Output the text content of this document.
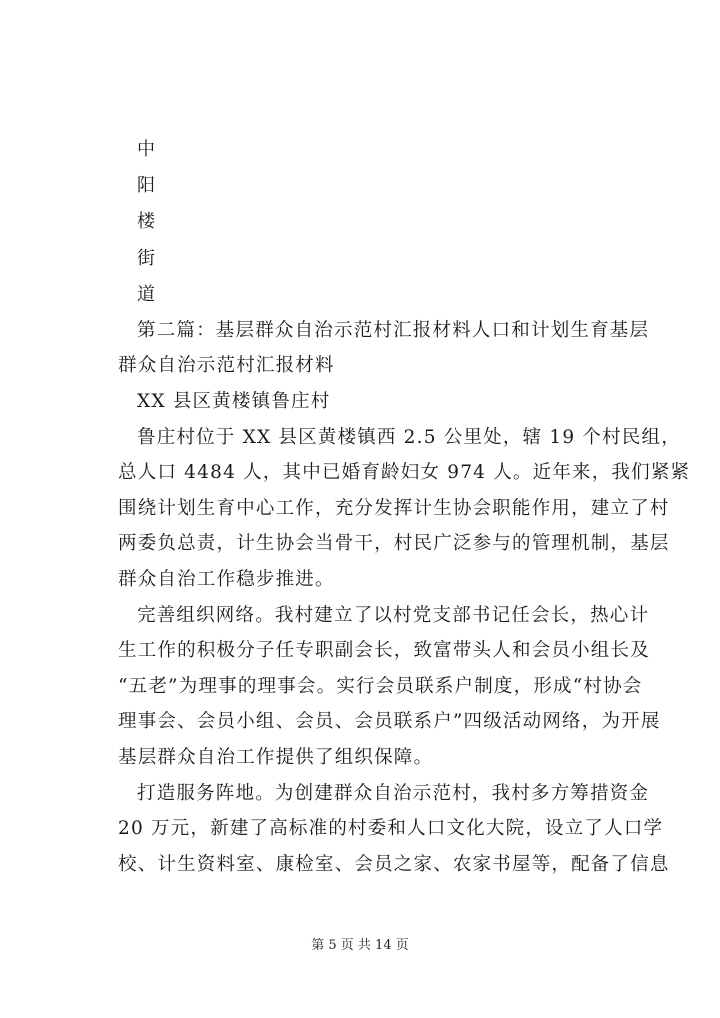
中
阳
楼
街
道
第二篇：基层群众自治示范村汇报材料人口和计划生育基层
群众自治示范村汇报材料
XX 县区黄楼镇鲁庄村
鲁庄村位于 XX 县区黄楼镇西 2.5 公里处，辖 19 个村民组，
总人口 4484 人，其中已婚育龄妇女 974 人。近年来，我们紧紧
围绕计划生育中心工作，充分发挥计生协会职能作用，建立了村
两委负总责，计生协会当骨干，村民广泛参与的管理机制，基层
群众自治工作稳步推进。
完善组织网络。我村建立了以村党支部书记任会长，热心计
生工作的积极分子任专职副会长，致富带头人和会员小组长及
“五老”为理事的理事会。实行会员联系户制度，形成“村协会
理事会、会员小组、会员、会员联系户”四级活动网络，为开展
基层群众自治工作提供了组织保障。
打造服务阵地。为创建群众自治示范村，我村多方筹措资金
20 万元，新建了高标准的村委和人口文化大院，设立了人口学
校、计生资料室、康检室、会员之家、农家书屋等，配备了信息
第 5 页 共 14 页
